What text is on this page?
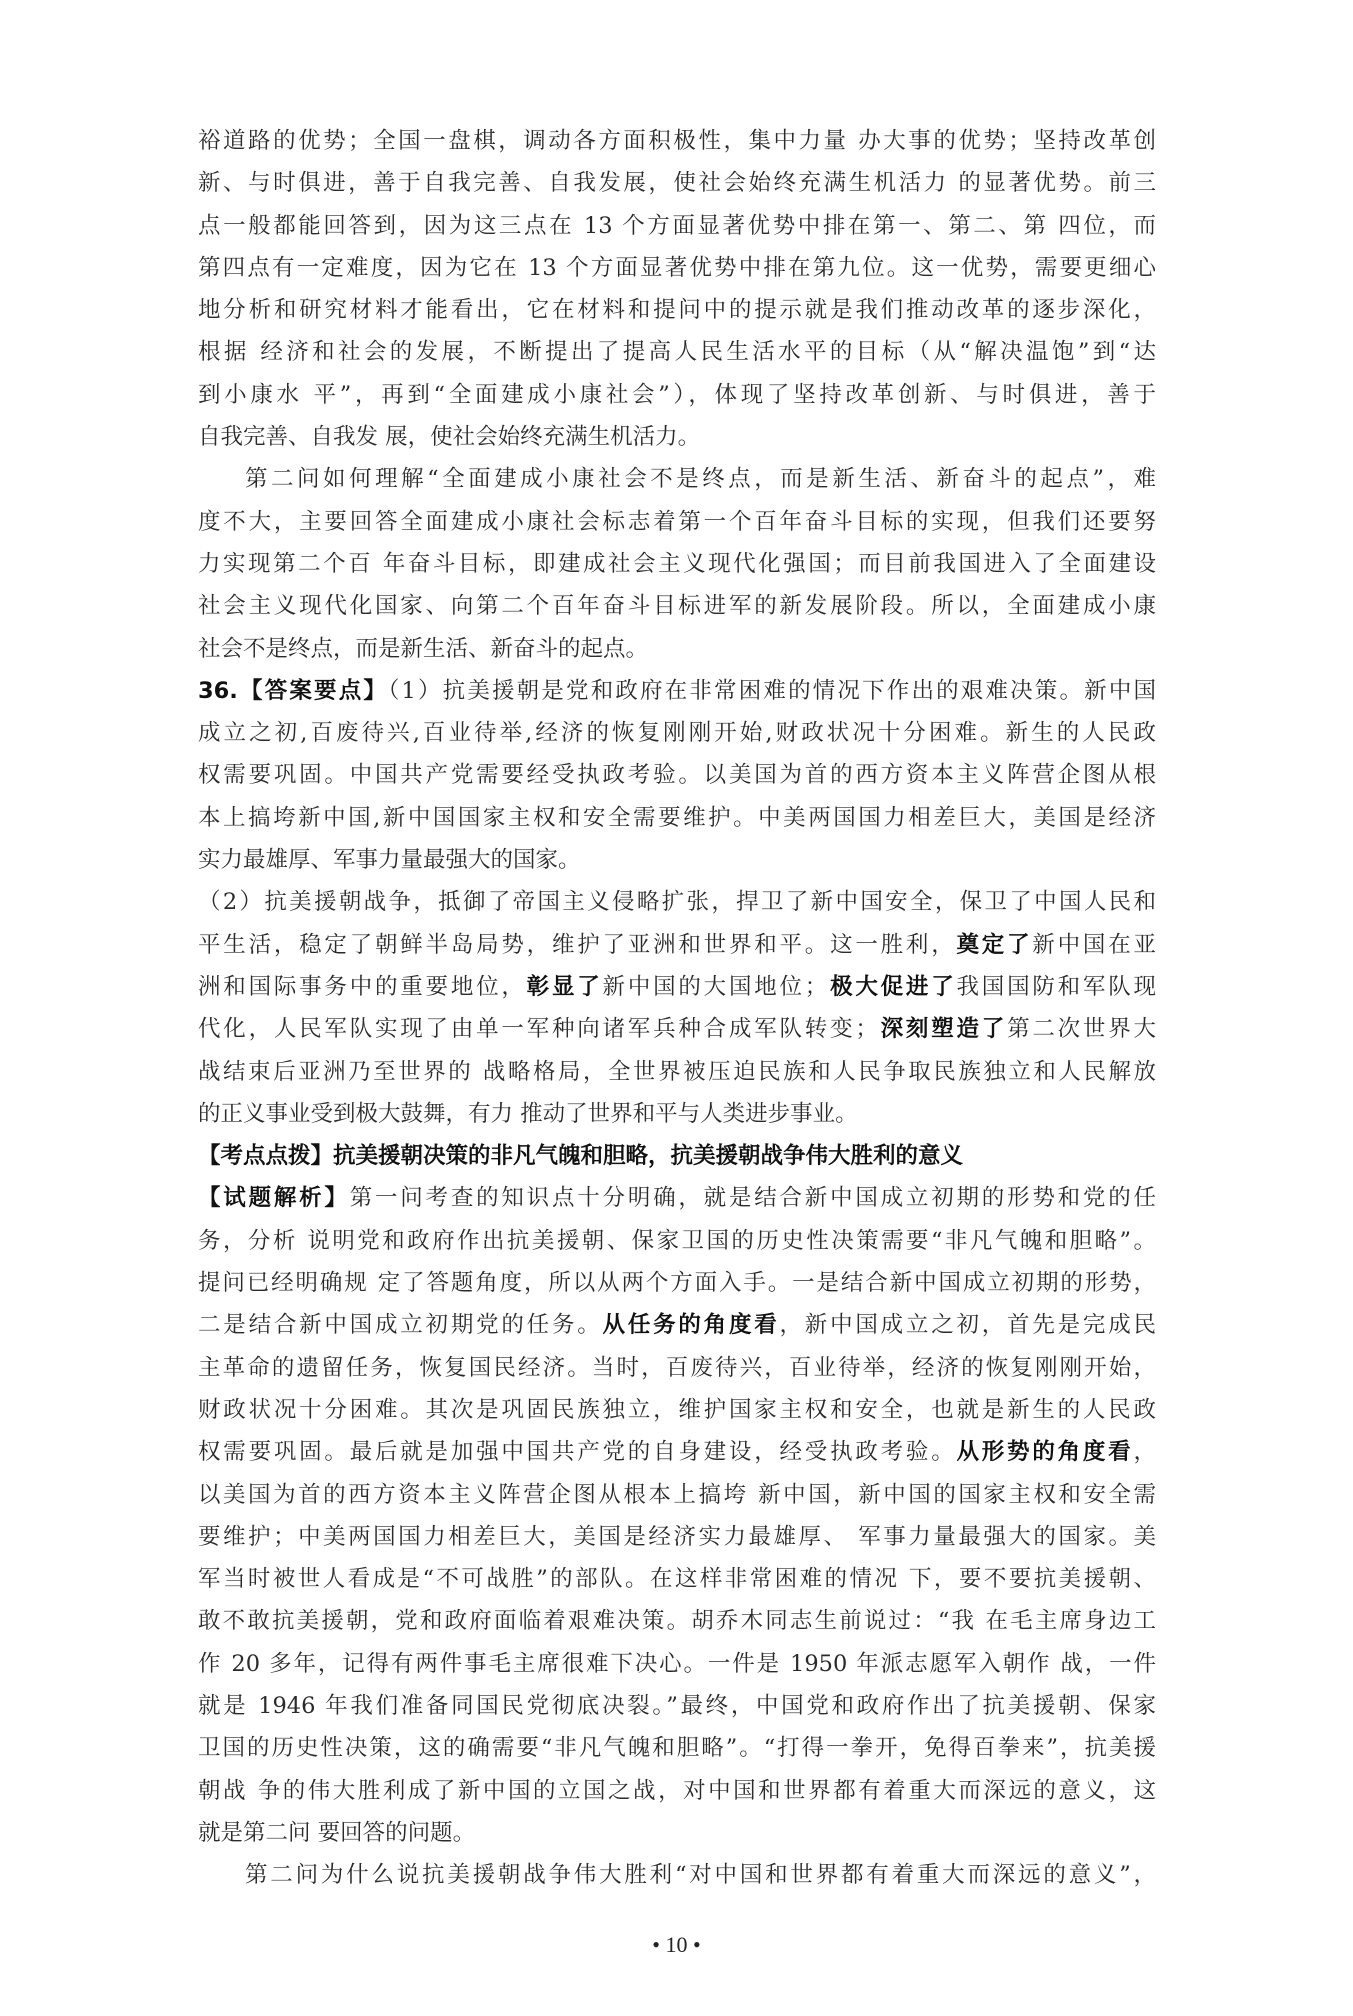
裕道路的优势；全国一盘棋，调动各方面积极性，集中力量 办大事的优势；坚持改革创
新、与时俱进，善于自我完善、自我发展，使社会始终充满生机活力 的显著优势。前三
点一般都能回答到，因为这三点在 13 个方面显著优势中排在第一、第二、第 四位，而
第四点有一定难度，因为它在 13 个方面显著优势中排在第九位。这一优势，需要更细心
地分析和研究材料才能看出，它在材料和提问中的提示就是我们推动改革的逐步深化，
根据 经济和社会的发展，不断提出了提高人民生活水平的目标（从“解决温饱”到“达
到小康水 平”，再到“全面建成小康社会”），体现了坚持改革创新、与时俱进，善于
自我完善、自我发 展，使社会始终充满生机活力。
第二问如何理解“全面建成小康社会不是终点，而是新生活、新奋斗的起点”，难
度不大，主要回答全面建成小康社会标志着第一个百年奋斗目标的实现，但我们还要努
力实现第二个百 年奋斗目标，即建成社会主义现代化强国；而目前我国进入了全面建设
社会主义现代化国家、向第二个百年奋斗目标进军的新发展阶段。所以，全面建成小康
社会不是终点，而是新生活、新奋斗的起点。
36.【答案要点】（1）抗美援朝是党和政府在非常困难的情况下作出的艰难决策。新中国
成立之初,百废待兴,百业待举,经济的恢复刚刚开始,财政状况十分困难。新生的人民政
权需要巩固。中国共产党需要经受执政考验。以美国为首的西方资本主义阵营企图从根
本上搞垮新中国,新中国国家主权和安全需要维护。中美两国国力相差巨大，美国是经济
实力最雄厚、军事力量最强大的国家。
（2）抗美援朝战争，抵御了帝国主义侵略扩张，捍卫了新中国安全，保卫了中国人民和
平生活，稳定了朝鲜半岛局势，维护了亚洲和世界和平。这一胜利，奠定了新中国在亚
洲和国际事务中的重要地位，彰显了新中国的大国地位；极大促进了我国国防和军队现
代化，人民军队实现了由单一军种向诸军兵种合成军队转变；深刻塑造了第二次世界大
战结束后亚洲乃至世界的 战略格局，全世界被压迫民族和人民争取民族独立和人民解放
的正义事业受到极大鼓舞，有力 推动了世界和平与人类进步事业。
【考点点拨】抗美援朝决策的非凡气魄和胆略，抗美援朝战争伟大胜利的意义
【试题解析】第一问考查的知识点十分明确，就是结合新中国成立初期的形势和党的任
务，分析 说明党和政府作出抗美援朝、保家卫国的历史性决策需要“非凡气魄和胆略”。
提问已经明确规 定了答题角度，所以从两个方面入手。一是结合新中国成立初期的形势，
二是结合新中国成立初期党的任务。从任务的角度看，新中国成立之初，首先是完成民
主革命的遗留任务，恢复国民经济。当时，百废待兴，百业待举，经济的恢复刚刚开始，
财政状况十分困难。其次是巩固民族独立，维护国家主权和安全，也就是新生的人民政
权需要巩固。最后就是加强中国共产党的自身建设，经受执政考验。从形势的角度看，
以美国为首的西方资本主义阵营企图从根本上搞垮 新中国，新中国的国家主权和安全需
要维护；中美两国国力相差巨大，美国是经济实力最雄厚、 军事力量最强大的国家。美
军当时被世人看成是“不可战胜”的部队。在这样非常困难的情况 下，要不要抗美援朝、
敢不敢抗美援朝，党和政府面临着艰难决策。胡乔木同志生前说过：“我 在毛主席身边工
作 20 多年，记得有两件事毛主席很难下决心。一件是 1950 年派志愿军入朝作 战，一件
就是 1946 年我们准备同国民党彻底决裂。”最终，中国党和政府作出了抗美援朝、保家
卫国的历史性决策，这的确需要“非凡气魄和胆略”。“打得一拳开，免得百拳来”，抗美援
朝战 争的伟大胜利成了新中国的立国之战，对中国和世界都有着重大而深远的意义，这
就是第二问 要回答的问题。
第二问为什么说抗美援朝战争伟大胜利“对中国和世界都有着重大而深远的意义”，
• 10 •
